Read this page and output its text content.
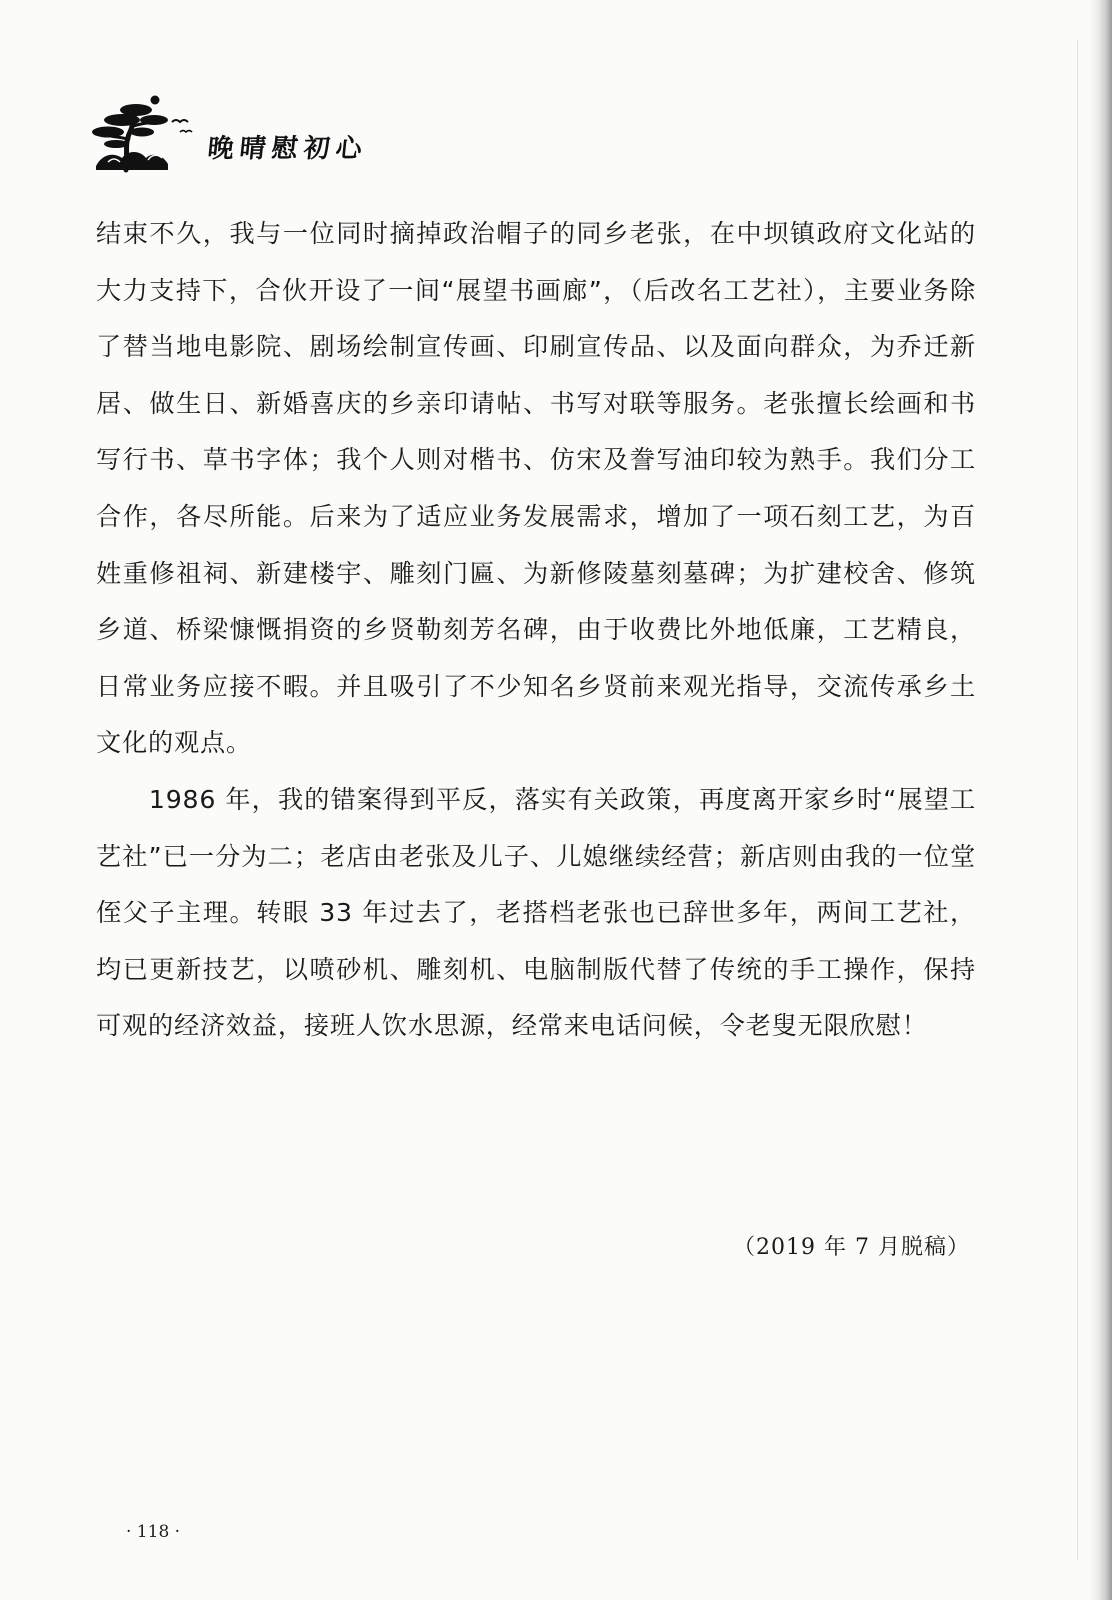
晚晴慰初心

结束不久，我与一位同时摘掉政治帽子的同乡老张，在中坝镇政府文化站的大力支持下，合伙开设了一间“展望书画廊”，（后改名工艺社），主要业务除了替当地电影院、剧场绘制宣传画、印刷宣传品、以及面向群众，为乔迁新居、做生日、新婚喜庆的乡亲印请帖、书写对联等服务。老张擅长绘画和书写行书、草书字体；我个人则对楷书、仿宋及誊写油印较为熟手。我们分工合作，各尽所能。后来为了适应业务发展需求，增加了一项石刻工艺，为百姓重修祖祠、新建楼宇、雕刻门匾、为新修陵墓刻墓碑；为扩建校舍、修筑乡道、桥梁慷慨捐资的乡贤勒刻芳名碑，由于收费比外地低廉，工艺精良，日常业务应接不暇。并且吸引了不少知名乡贤前来观光指导，交流传承乡土文化的观点。

1986 年，我的错案得到平反，落实有关政策，再度离开家乡时“展望工艺社”已一分为二；老店由老张及儿子、儿媳继续经营；新店则由我的一位堂侄父子主理。转眼 33 年过去了，老搭档老张也已辞世多年，两间工艺社，均已更新技艺，以喷砂机、雕刻机、电脑制版代替了传统的手工操作，保持可观的经济效益，接班人饮水思源，经常来电话问候，令老叟无限欣慰！

（2019 年 7 月脱稿）
· 118 ·
